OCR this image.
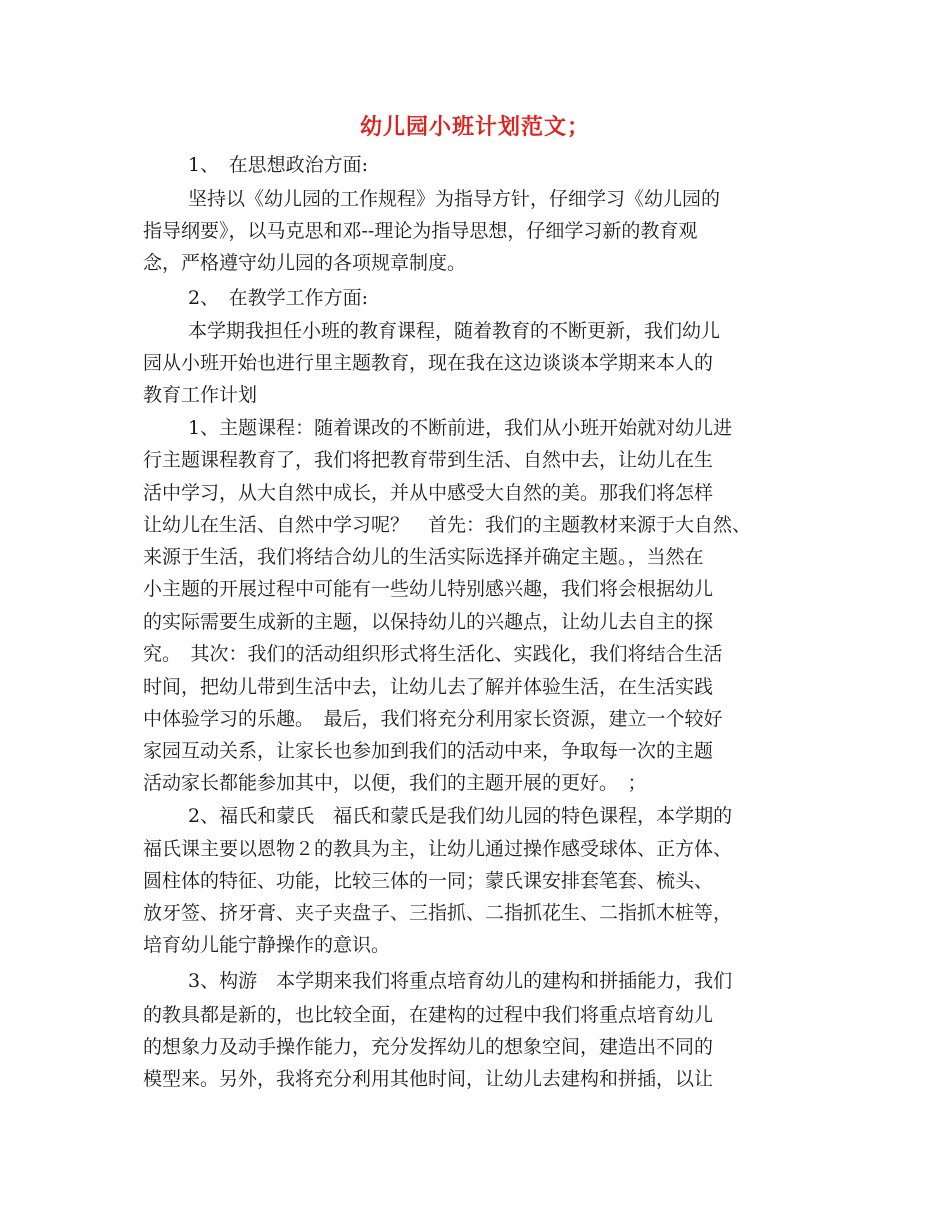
幼儿园小班计划范文；
1、　在思想政治方面:
坚持以《幼儿园的工作规程》为指导方针，仔细学习《幼儿园的
指导纲要》，以马克思和邓--理论为指导思想，仔细学习新的教育观
念，严格遵守幼儿园的各项规章制度。
2、　在教学工作方面:
本学期我担任小班的教育课程，随着教育的不断更新，我们幼儿
园从小班开始也进行里主题教育，现在我在这边谈谈本学期来本人的
教育工作计划
1、主题课程：随着课改的不断前进，我们从小班开始就对幼儿进
行主题课程教育了，我们将把教育带到生活、自然中去，让幼儿在生
活中学习，从大自然中成长，并从中感受大自然的美。那我们将怎样
让幼儿在生活、自然中学习呢？　首先：我们的主题教材来源于大自然、
来源于生活，我们将结合幼儿的生活实际选择并确定主题。，当然在
小主题的开展过程中可能有一些幼儿特别感兴趣，我们将会根据幼儿
的实际需要生成新的主题，以保持幼儿的兴趣点，让幼儿去自主的探
究。　其次：我们的活动组织形式将生活化、实践化，我们将结合生活
时间，把幼儿带到生活中去，让幼儿去了解并体验生活，在生活实践
中体验学习的乐趣。　最后，我们将充分利用家长资源，建立一个较好
家园互动关系，让家长也参加到我们的活动中来，争取每一次的主题
活动家长都能参加其中，以便，我们的主题开展的更好。　；
2、福氏和蒙氏　福氏和蒙氏是我们幼儿园的特色课程，本学期的
福氏课主要以恩物２的教具为主，让幼儿通过操作感受球体、正方体、
圆柱体的特征、功能，比较三体的一同；蒙氏课安排套笔套、梳头、
放牙签、挤牙膏、夹子夹盘子、三指抓、二指抓花生、二指抓木桩等，
培育幼儿能宁静操作的意识。
3、构游　本学期来我们将重点培育幼儿的建构和拼插能力，我们
的教具都是新的，也比较全面，在建构的过程中我们将重点培育幼儿
的想象力及动手操作能力，充分发挥幼儿的想象空间，建造出不同的
模型来。另外，我将充分利用其他时间，让幼儿去建构和拼插，以让
